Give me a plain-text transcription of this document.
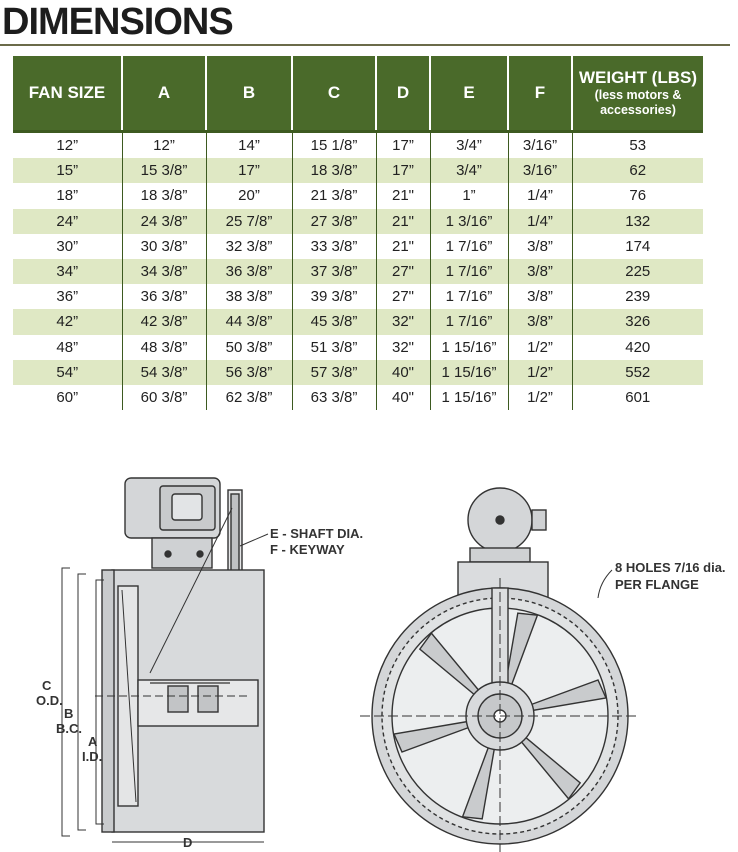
DIMENSIONS
FAN SIZE	A	B	C	D	E	F	WEIGHT (LBS)
(less motors & accessories)

12”	12”	14”	15 1/8”	17”	3/4”	3/16”	53
15”	15 3/8”	17”	18 3/8”	17”	3/4”	3/16”	62
18”	18 3/8”	20”	21 3/8”	21"	1”	1/4”	76
24”	24 3/8”	25 7/8”	27 3/8”	21"	1 3/16”	1/4”	132
30”	30 3/8”	32 3/8”	33 3/8”	21"	1 7/16”	3/8”	174
34”	34 3/8”	36 3/8”	37 3/8”	27"	1 7/16”	3/8”	225
36”	36 3/8”	38 3/8”	39 3/8”	27"	1 7/16”	3/8”	239
42”	42 3/8”	44 3/8”	45 3/8”	32"	1 7/16”	3/8”	326
48”	48 3/8”	50 3/8”	51 3/8”	32"	1 15/16”	1/2”	420
54”	54 3/8”	56 3/8”	57 3/8”	40"	1 15/16”	1/2”	552
60”	60 3/8”	62 3/8”	63 3/8”	40"	1 15/16”	1/2”	601
E - SHAFT DIA.
F - KEYWAY
C
O.D.
B
B.C.
A
I.D.
D
8 HOLES 7/16 dia.
PER FLANGE
